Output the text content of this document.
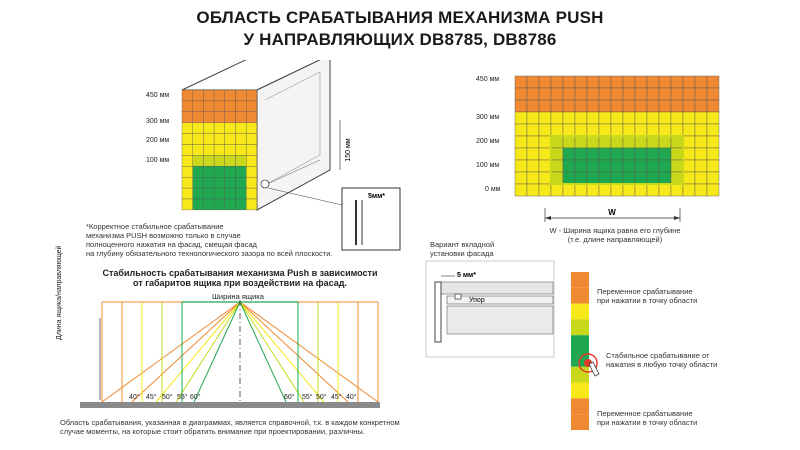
ОБЛАСТЬ СРАБАТЫВАНИЯ МЕХАНИЗМА PUSH
У НАПРАВЛЯЮЩИХ DB8785, DB8786
150 мм
5мм*
450 мм
300 мм
200 мм
100 мм
*Корректное стабильное срабатывание
механизма PUSH возможно только в случае
полноценного нажатия на фасад, смещая фасад
на глубину обязательного технологического зазора по всей плоскости.
W
450 мм
300 мм
200 мм
100 мм
0 мм
W - Ширина ящика равна его глубине
(т.е. длине направляющей)
Стабильность срабатывания механизма Push в зависимости
от габаритов ящика при воздействии на фасад.
Ширина ящика
Длина ящика/направляющей
40° 45° 50° 55° 60°	60° 55° 50° 45° 40°
Область срабатывания, указанная в диаграммах, является справочной, т.к. в каждом конкретном
случае моменты, на которые стоит обратить внимание при проектировании, различны.
Вариант вкладной
установки фасада
5 мм*
Упор
Переменное срабатывание
при нажатии в точку области
Стабильное срабатывание от
нажатия в любую точку области
Переменное срабатывание
при нажатии в точку области
